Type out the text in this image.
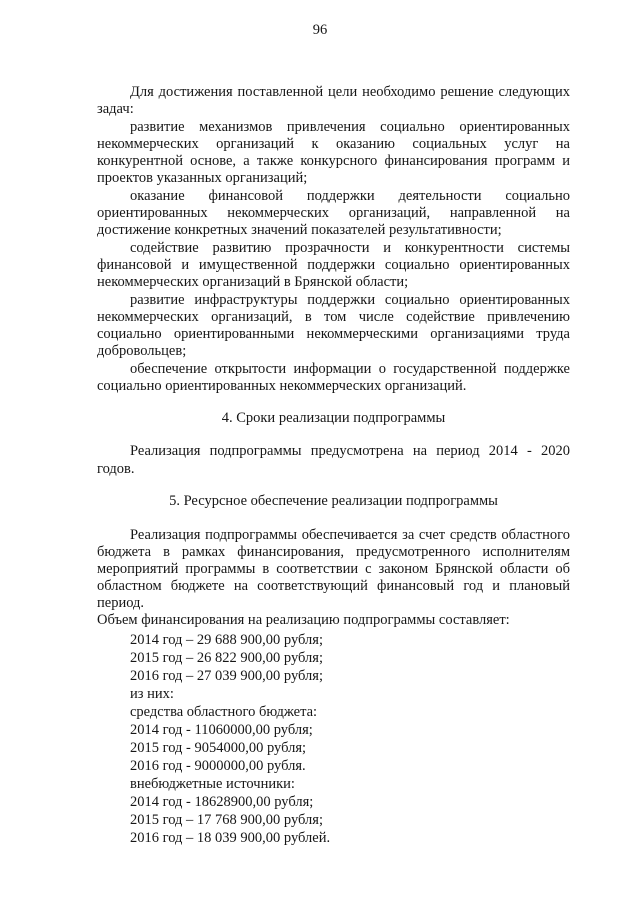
96
Для достижения поставленной цели необходимо решение следующих
задач:
развитие механизмов привлечения социально ориентированных
некоммерческих организаций к оказанию социальных услуг на
конкурентной основе, а также конкурсного финансирования программ и
проектов указанных организаций;
оказание финансовой поддержки деятельности социально
ориентированных некоммерческих организаций, направленной на
достижение конкретных значений показателей результативности;
содействие развитию прозрачности и конкурентности системы
финансовой и имущественной поддержки социально ориентированных
некоммерческих организаций в Брянской области;
развитие инфраструктуры поддержки социально ориентированных
некоммерческих организаций, в том числе содействие привлечению
социально ориентированными некоммерческими организациями труда
добровольцев;
обеспечение открытости информации о государственной поддержке
социально ориентированных некоммерческих организаций.
4. Сроки реализации подпрограммы
Реализация подпрограммы предусмотрена на период 2014 - 2020
годов.
5. Ресурсное обеспечение реализации подпрограммы
Реализация подпрограммы обеспечивается за счет средств областного
бюджета в рамках финансирования, предусмотренного исполнителям
мероприятий программы в соответствии с законом Брянской области об
областном бюджете на соответствующий финансовый год и плановый
период.
Объем финансирования на реализацию подпрограммы составляет:
2014 год – 29 688 900,00 рубля;
2015 год – 26 822 900,00 рубля;
2016 год – 27 039 900,00 рубля;
из них:
средства областного бюджета:
2014 год - 11060000,00 рубля;
2015 год - 9054000,00 рубля;
2016 год - 9000000,00 рубля.
внебюджетные источники:
2014 год - 18628900,00 рубля;
2015 год – 17 768 900,00 рубля;
2016 год – 18 039 900,00 рублей.
